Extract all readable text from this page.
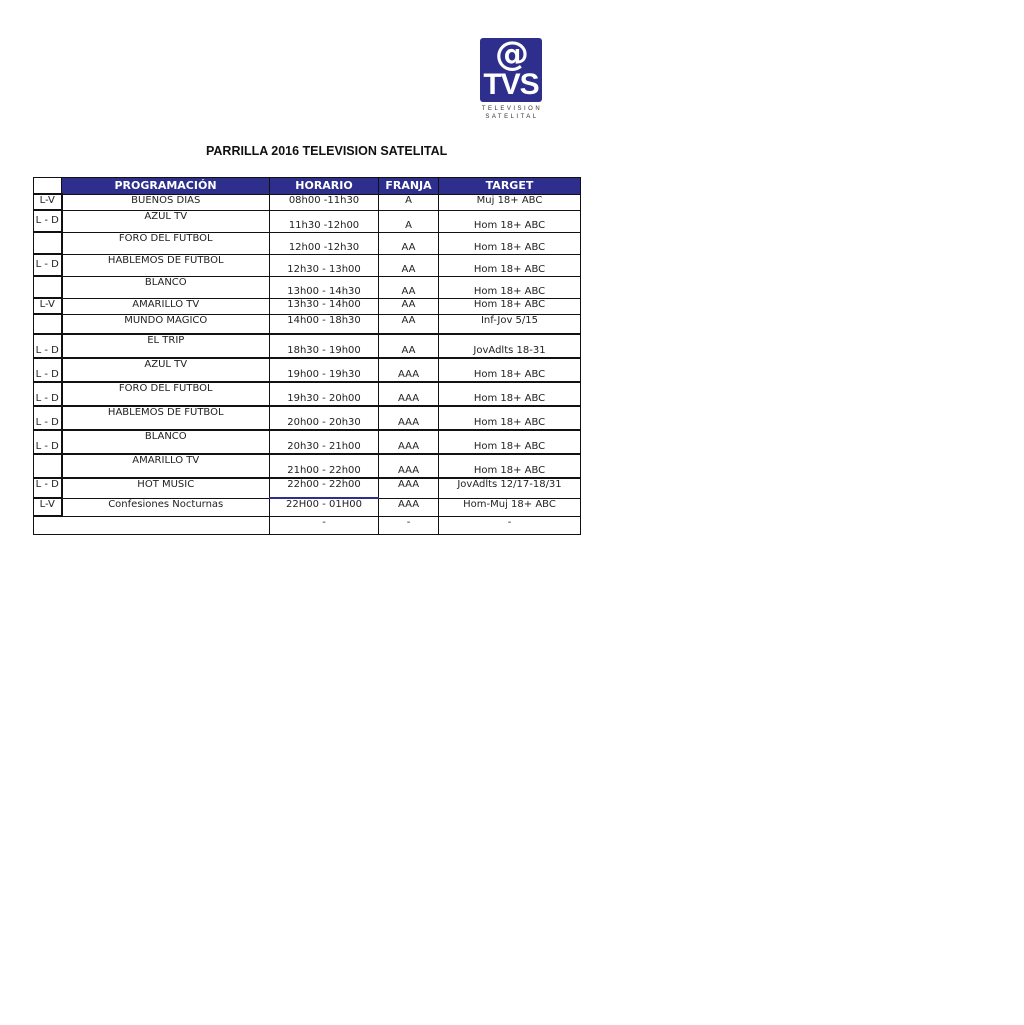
@
TVS
TELEVISION
SATELITAL
PARRILLA 2016 TELEVISION SATELITAL
	PROGRAMACIÓN	HORARIO	FRANJA	TARGET
L-V	BUENOS DIAS	08h00 -11h30	A	Muj 18+ ABC
L - D	AZUL TV	11h30 -12h00	A	Hom 18+ ABC
	FORO DEL FUTBOL	12h00 -12h30	AA	Hom 18+ ABC
L - D	HABLEMOS DE FUTBOL	12h30 - 13h00	AA	Hom 18+ ABC
	BLANCO	13h00 - 14h30	AA	Hom 18+ ABC
L-V	AMARILLO TV	13h30 - 14h00	AA	Hom 18+ ABC
	MUNDO MAGICO	14h00 - 18h30	AA	Inf-Jov 5/15
L - D	EL TRIP	18h30 - 19h00	AA	JovAdlts 18-31
L - D	AZUL TV	19h00 - 19h30	AAA	Hom 18+ ABC
L - D	FORO DEL FUTBOL	19h30 - 20h00	AAA	Hom 18+ ABC
L - D	HABLEMOS DE FUTBOL	20h00 - 20h30	AAA	Hom 18+ ABC
L - D	BLANCO	20h30 - 21h00	AAA	Hom 18+ ABC
	AMARILLO TV	21h00 - 22h00	AAA	Hom 18+ ABC
L - D	HOT MUSIC	22h00 - 22h00	AAA	JovAdlts 12/17-18/31
L-V	Confesiones Nocturnas	22H00 - 01H00	AAA	Hom-Muj 18+ ABC
		-	-	-
